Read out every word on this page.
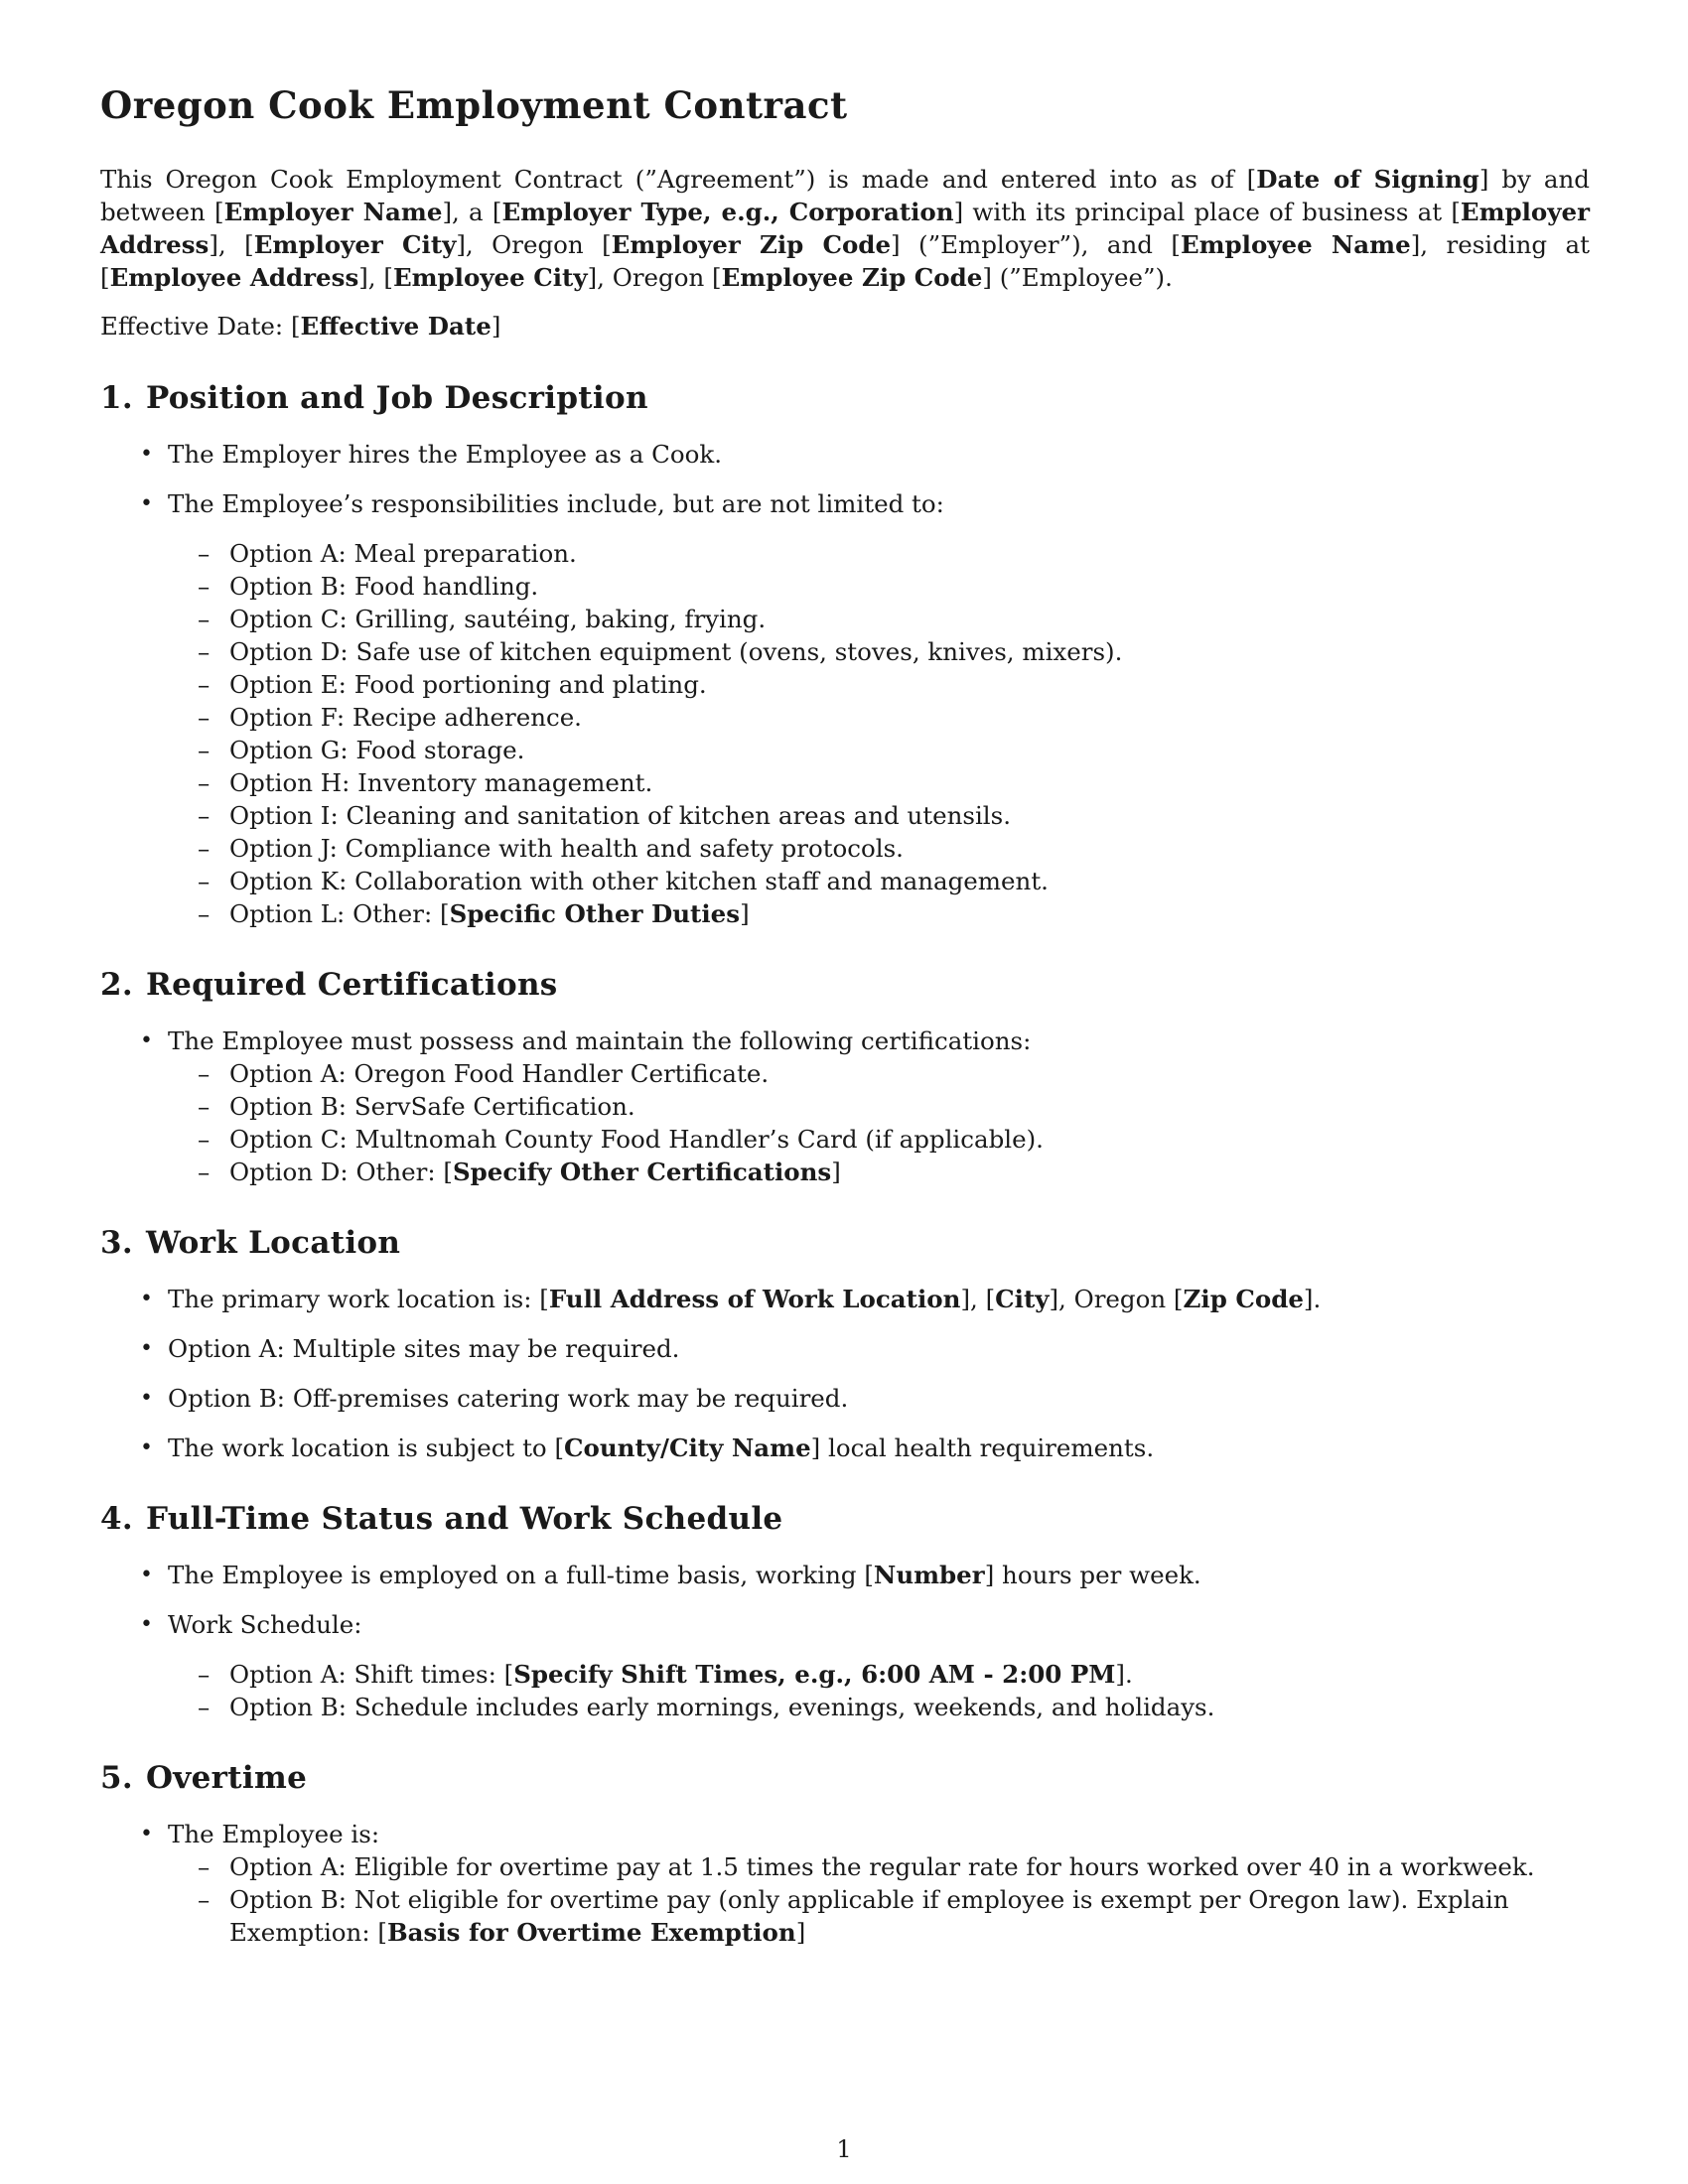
Oregon Cook Employment Contract

This Oregon Cook Employment Contract (”Agreement”) is made and entered into as of [Date of Signing] by and between [Employer Name], a [Employer Type, e.g., Corporation] with its principal place of business at [Employer Address], [Employer City], Oregon [Employer Zip Code] (”Employer”), and [Employee Name], residing at [Employee Address], [Employee City], Oregon [Employee Zip Code] (”Employee”).

Effective Date: [Effective Date]

1. Position and Job Description
• The Employer hires the Employee as a Cook.
• The Employee’s responsibilities include, but are not limited to:
– Option A: Meal preparation.
– Option B: Food handling.
– Option C: Grilling, sautéing, baking, frying.
– Option D: Safe use of kitchen equipment (ovens, stoves, knives, mixers).
– Option E: Food portioning and plating.
– Option F: Recipe adherence.
– Option G: Food storage.
– Option H: Inventory management.
– Option I: Cleaning and sanitation of kitchen areas and utensils.
– Option J: Compliance with health and safety protocols.
– Option K: Collaboration with other kitchen staff and management.
– Option L: Other: [Specific Other Duties]
2. Required Certifications
• The Employee must possess and maintain the following certifications:
– Option A: Oregon Food Handler Certificate.
– Option B: ServSafe Certification.
– Option C: Multnomah County Food Handler’s Card (if applicable).
– Option D: Other: [Specify Other Certifications]
3. Work Location
• The primary work location is: [Full Address of Work Location], [City], Oregon [Zip Code].
• Option A: Multiple sites may be required.
• Option B: Off-premises catering work may be required.
• The work location is subject to [County/City Name] local health requirements.
4. Full-Time Status and Work Schedule
• The Employee is employed on a full-time basis, working [Number] hours per week.
• Work Schedule:
– Option A: Shift times: [Specify Shift Times, e.g., 6:00 AM - 2:00 PM].
– Option B: Schedule includes early mornings, evenings, weekends, and holidays.
5. Overtime
• The Employee is:
– Option A: Eligible for overtime pay at 1.5 times the regular rate for hours worked over 40 in a workweek.
– Option B: Not eligible for overtime pay (only applicable if employee is exempt per Oregon law). Explain Exemption: [Basis for Overtime Exemption]
1
